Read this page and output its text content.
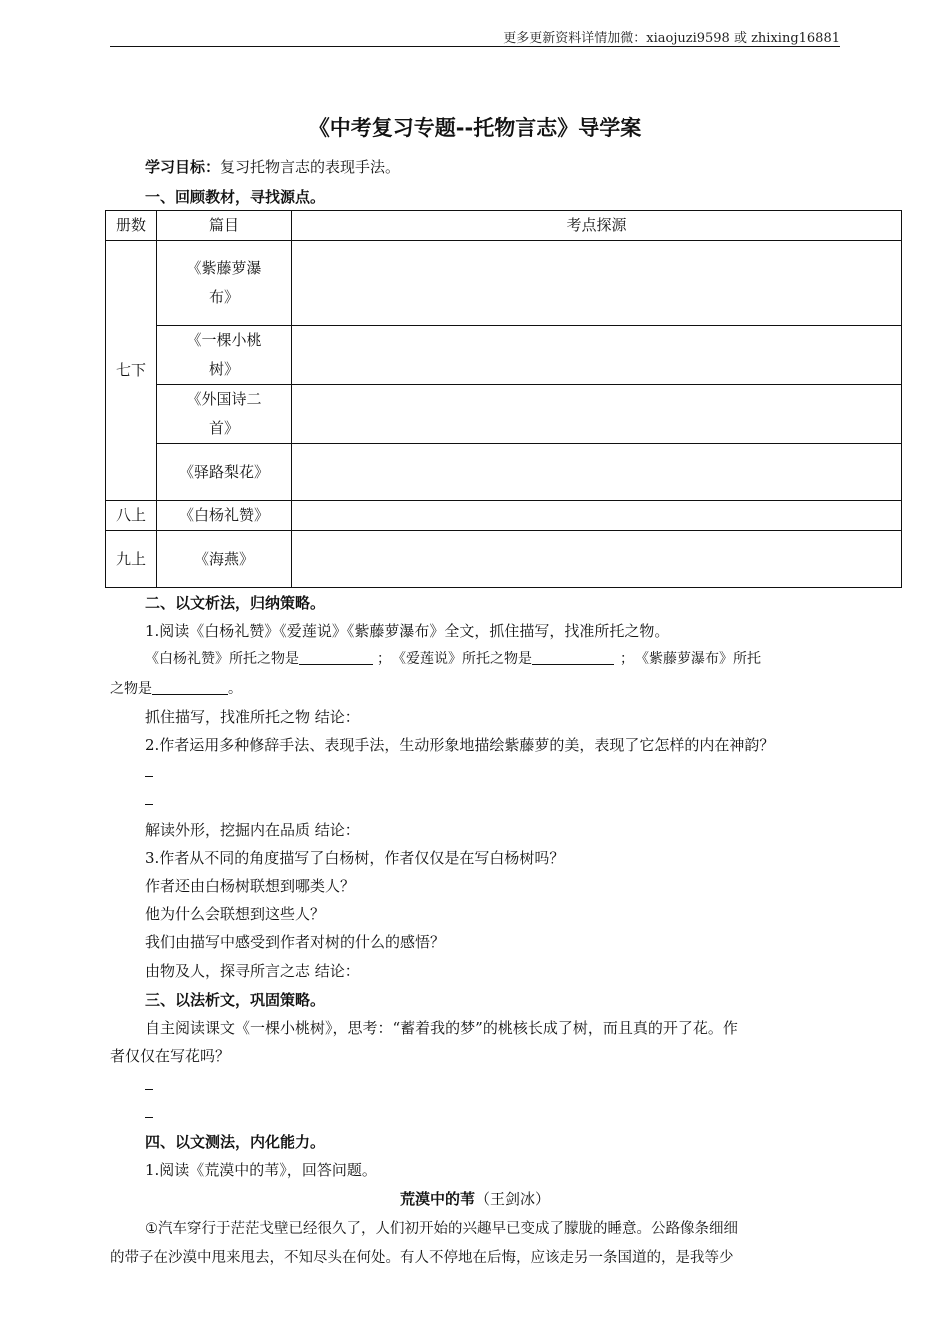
更多更新资料详情加微：xiaojuzi9598 或 zhixing16881
《中考复习专题--托物言志》导学案
学习目标：复习托物言志的表现手法。
一、回顾教材，寻找源点。
册数	篇目	考点探源
七下	《紫藤萝瀑
布》	

	《一棵小桃
树》	

	《外国诗二
首》	

	《驿路梨花》	

八上	《白杨礼赞》	

九上	《海燕》	

二、以文析法，归纳策略。
1.阅读《白杨礼赞》《爱莲说》《紫藤萝瀑布》全文，抓住描写，找准所托之物。
《白杨礼赞》所托之物是	； 《爱莲说》所托之物是	； 《紫藤萝瀑布》所托
之物是	。
抓住描写，找准所托之物 结论：
2.作者运用多种修辞手法、表现手法，生动形象地描绘紫藤萝的美，表现了它怎样的内在神韵？
解读外形，挖掘内在品质 结论：
3.作者从不同的角度描写了白杨树，作者仅仅是在写白杨树吗？
作者还由白杨树联想到哪类人？
他为什么会联想到这些人？
我们由描写中感受到作者对树的什么的感悟？
由物及人，探寻所言之志 结论：
三、以法析文，巩固策略。
自主阅读课文《一棵小桃树》，思考：“蓄着我的梦”的桃核长成了树，而且真的开了花。作
者仅仅在写花吗？
四、以文测法，内化能力。
1.阅读《荒漠中的苇》，回答问题。
荒漠中的苇（王剑冰）
①汽车穿行于茫茫戈壁已经很久了，人们初开始的兴趣早已变成了朦胧的睡意。公路像条细细
的带子在沙漠中甩来甩去，不知尽头在何处。有人不停地在后悔，应该走另一条国道的，是我等少
